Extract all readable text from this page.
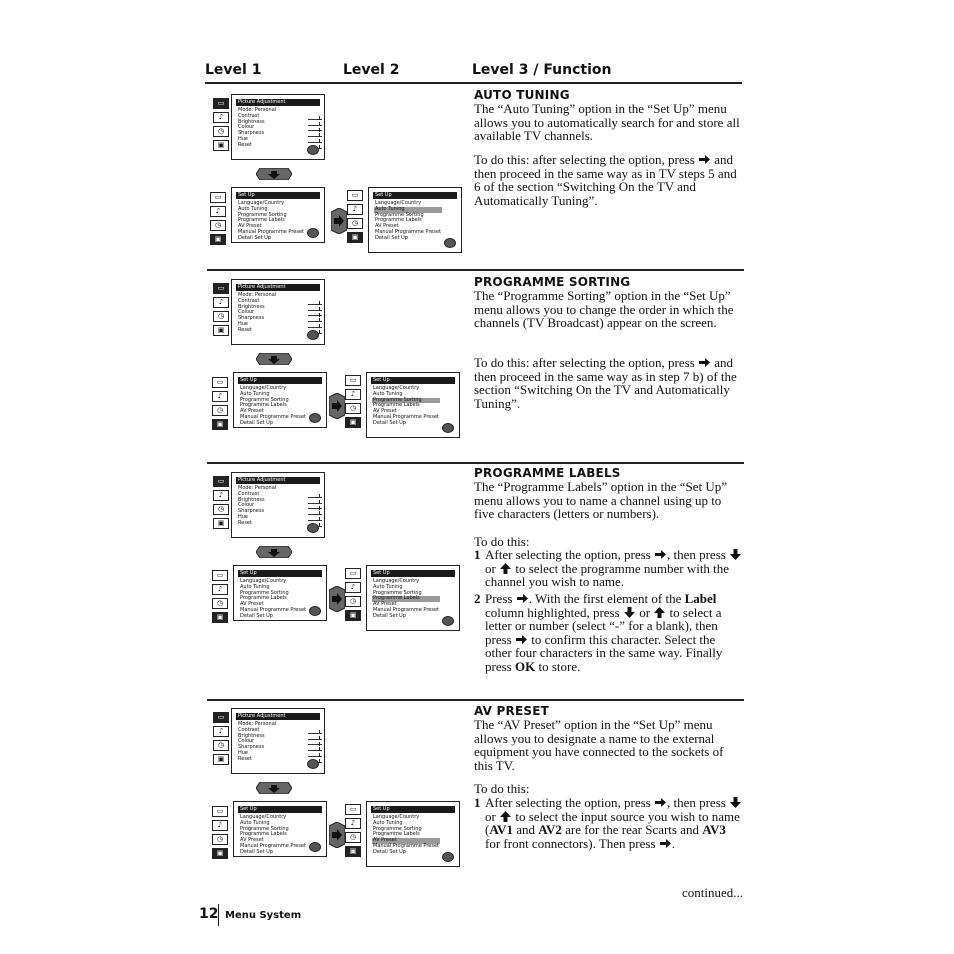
Level 1	Level 2	Level 3 / Function
▭
♪
◷
▣
Picture Adjustment
Mode: Personal
Contrast
Brightness
Colour
Sharpness
Hue
Reset
▭
♪
◷
▣
Set Up
Language/Country
Auto Tuning
Programme Sorting
Programme Labels
AV Preset
Manual Programme Preset
Detail Set Up
▭
♪
◷
▣
Set Up
Language/Country
Auto Tuning
Programme Sorting
Programme Labels
AV Preset
Manual Programme Preset
Detail Set Up
▭
♪
◷
▣
Picture Adjustment
Mode: Personal
Contrast
Brightness
Colour
Sharpness
Hue
Reset
▭
♪
◷
▣
Set Up
Language/Country
Auto Tuning
Programme Sorting
Programme Labels
AV Preset
Manual Programme Preset
Detail Set Up
▭
♪
◷
▣
Set Up
Language/Country
Auto Tuning
Programme Sorting
Programme Labels
AV Preset
Manual Programme Preset
Detail Set Up
▭
♪
◷
▣
Picture Adjustment
Mode: Personal
Contrast
Brightness
Colour
Sharpness
Hue
Reset
▭
♪
◷
▣
Set Up
Language/Country
Auto Tuning
Programme Sorting
Programme Labels
AV Preset
Manual Programme Preset
Detail Set Up
▭
♪
◷
▣
Set Up
Language/Country
Auto Tuning
Programme Sorting
Programme Labels
AV Preset
Manual Programme Preset
Detail Set Up
▭
♪
◷
▣
Picture Adjustment
Mode: Personal
Contrast
Brightness
Colour
Sharpness
Hue
Reset
▭
♪
◷
▣
Set Up
Language/Country
Auto Tuning
Programme Sorting
Programme Labels
AV Preset
Manual Programme Preset
Detail Set Up
▭
♪
◷
▣
Set Up
Language/Country
Auto Tuning
Programme Sorting
Programme Labels
AV Preset
Manual Programme Preset
Detail Set Up
AUTO TUNING
The “Auto Tuning” option in the “Set Up” menu allows you to automatically search for and store all available TV channels.
To do this: after selecting the option, press and then proceed in the same way as in TV steps 5 and 6 of the section “Switching On the TV and Automatically Tuning”.
PROGRAMME SORTING
The “Programme Sorting” option in the “Set Up” menu allows you to change the order in which the channels (TV Broadcast) appear on the screen.
To do this: after selecting the option, press and then proceed in the same way as in step 7 b) of the section “Switching On the TV and Automatically Tuning”.
PROGRAMME LABELS
The “Programme Labels” option in the “Set Up” menu allows you to name a channel using up to five characters (letters or numbers).
To do this:
1 After selecting the option, press , then press
or to select the programme number with the channel you wish to name.
2 Press . With the first element of the Label column highlighted, press or to select a letter or number (select “-” for a blank), then press to confirm this character. Select the other four characters in the same way. Finally press OK to store.
AV PRESET
The “AV Preset” option in the “Set Up” menu allows you to designate a name to the external equipment you have connected to the sockets of this TV.
To do this:
1 After selecting the option, press , then press
or to select the input source you wish to name (AV1 and AV2 are for the rear Scarts and AV3 for front connectors). Then press .
continued...
12 Menu System
